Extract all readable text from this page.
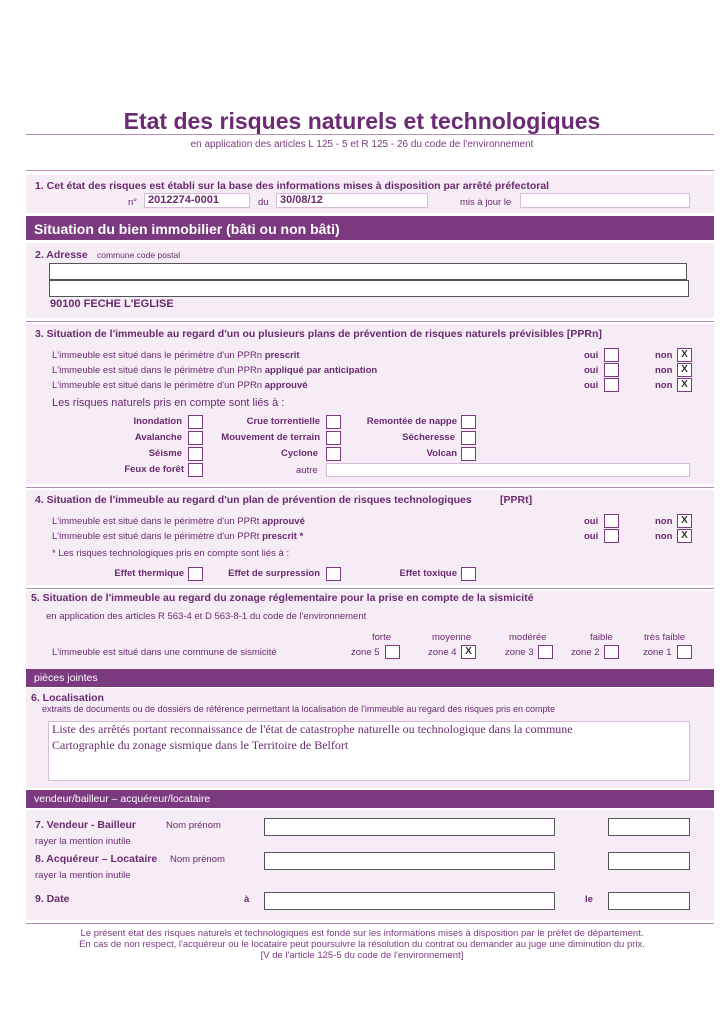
Etat des risques naturels et technologiques
en application des articles L 125 - 5 et R 125 - 26 du code de l'environnement
1. Cet état des risques est établi sur la base des informations mises à disposition par arrêté préfectoral
n° 2012274-0001	du 30/08/12	mis à jour le
Situation du bien immobilier (bâti ou non bâti)
2. Adresse commune code postal
90100 FECHE L'EGLISE
3. Situation de l'immeuble au regard d'un ou plusieurs plans de prévention de risques naturels prévisibles [PPRn]
L'immeuble est situé dans le périmètre d'un PPRn prescrit	oui	non X
L'immeuble est situé dans le périmètre d'un PPRn appliqué par anticipation	oui	non X
L'immeuble est situé dans le périmètre d'un PPRn approuvé	oui	non X
Les risques naturels pris en compte sont liés à :
Inondation	Crue torrentielle	Remontée de nappe
Avalanche	Mouvement de terrain	Sécheresse
Séisme	Cyclone	Volcan
Feux de forêt	autre
4. Situation de l'immeuble au regard d'un plan de prévention de risques technologiques	[PPRt]
L'immeuble est situé dans le périmètre d'un PPRt approuvé	oui	non X
L'immeuble est situé dans le périmètre d'un PPRt prescrit *	oui	non X
* Les risques technologiques pris en compte sont liés à :
Effet thermique	Effet de surpression	Effet toxique
5. Situation de l'immeuble au regard du zonage réglementaire pour la prise en compte de la sismicité
en application des articles R 563-4 et D 563-8-1 du code de l'environnement
forte	moyenne	modérée	faible	très faible
L'immeuble est situé dans une commune de sismicité	zone 5	zone 4 X	zone 3	zone 2	zone 1
pièces jointes
6. Localisation
extraits de documents ou de dossiers de référence permettant la localisation de l'immeuble au regard des risques pris en compte
Liste des arrêtés portant reconnaissance de l'état de catastrophe naturelle ou technologique dans la commune
Cartographie du zonage sismique dans le Territoire de Belfort
vendeur/bailleur – acquéreur/locataire
7. Vendeur - Bailleur	Nom prénom
rayer la mention inutile
8. Acquéreur – Locataire Nom prénom
rayer la mention inutile
9. Date	à	le
Le présent état des risques naturels et technologiques est fondé sur les informations mises à disposition par le préfet de département.
En cas de non respect, l'acquéreur ou le locataire peut poursuivre la résolution du contrat ou demander au juge une diminution du prix.
[V de l'article 125-5 du code de l'environnement]
